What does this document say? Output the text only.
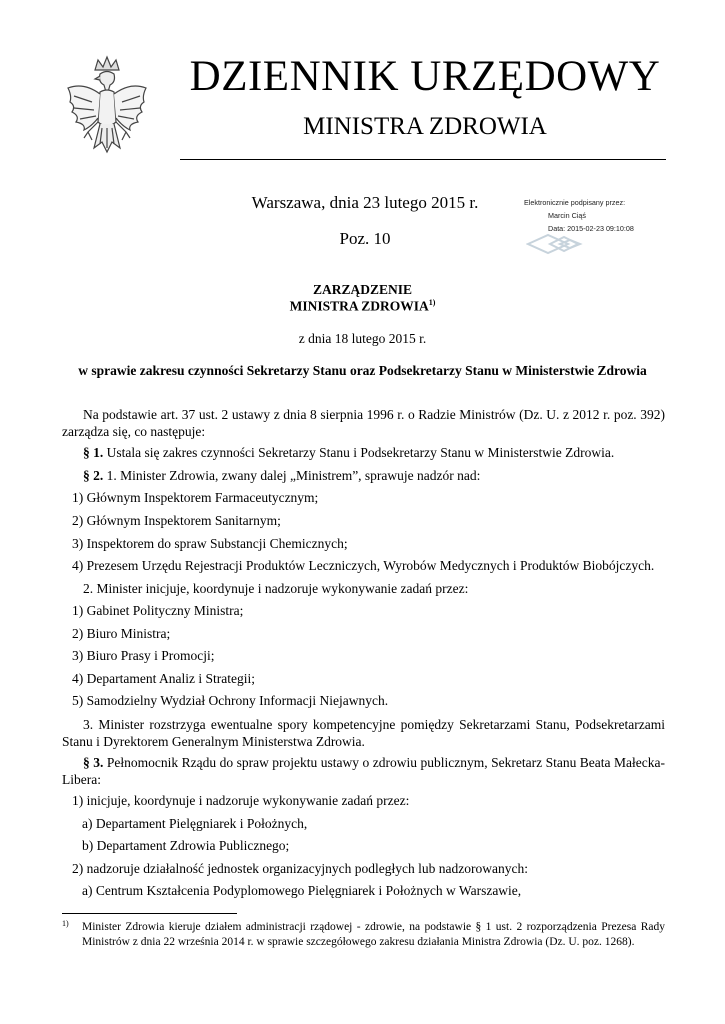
DZIENNIK URZĘDOWY
MINISTRA ZDROWIA
Warszawa, dnia 23 lutego 2015 r.
Poz. 10
Elektronicznie podpisany przez:
Marcin Ciąś
Data: 2015-02-23 09:10:08
ZARZĄDZENIE
MINISTRA ZDROWIA$^{1)}$
z dnia 18 lutego 2015 r.
w sprawie zakresu czynności Sekretarzy Stanu oraz Podsekretarzy Stanu w Ministerstwie Zdrowia
Na podstawie art. 37 ust. 2 ustawy z dnia 8 sierpnia 1996 r. o Radzie Ministrów (Dz. U. z 2012 r. poz. 392) zarządza się, co następuje:
§ 1. Ustala się zakres czynności Sekretarzy Stanu i Podsekretarzy Stanu w Ministerstwie Zdrowia.
§ 2. 1. Minister Zdrowia, zwany dalej „Ministrem”, sprawuje nadzór nad:
1) Głównym Inspektorem Farmaceutycznym;
2) Głównym Inspektorem Sanitarnym;
3) Inspektorem do spraw Substancji Chemicznych;
4) Prezesem Urzędu Rejestracji Produktów Leczniczych, Wyrobów Medycznych i Produktów Biobójczych.
2. Minister inicjuje, koordynuje i nadzoruje wykonywanie zadań przez:
1) Gabinet Polityczny Ministra;
2) Biuro Ministra;
3) Biuro Prasy i Promocji;
4) Departament Analiz i Strategii;
5) Samodzielny Wydział Ochrony Informacji Niejawnych.
3. Minister rozstrzyga ewentualne spory kompetencyjne pomiędzy Sekretarzami Stanu, Podsekretarzami Stanu i Dyrektorem Generalnym Ministerstwa Zdrowia.
§ 3. Pełnomocnik Rządu do spraw projektu ustawy o zdrowiu publicznym, Sekretarz Stanu Beata Małecka-Libera:
1) inicjuje, koordynuje i nadzoruje wykonywanie zadań przez:
a) Departament Pielęgniarek i Położnych,
b) Departament Zdrowia Publicznego;
2) nadzoruje działalność jednostek organizacyjnych podległych lub nadzorowanych:
a) Centrum Kształcenia Podyplomowego Pielęgniarek i Położnych w Warszawie,
1) Minister Zdrowia kieruje działem administracji rządowej - zdrowie, na podstawie § 1 ust. 2 rozporządzenia Prezesa Rady Ministrów z dnia 22 września 2014 r. w sprawie szczegółowego zakresu działania Ministra Zdrowia (Dz. U. poz. 1268).
